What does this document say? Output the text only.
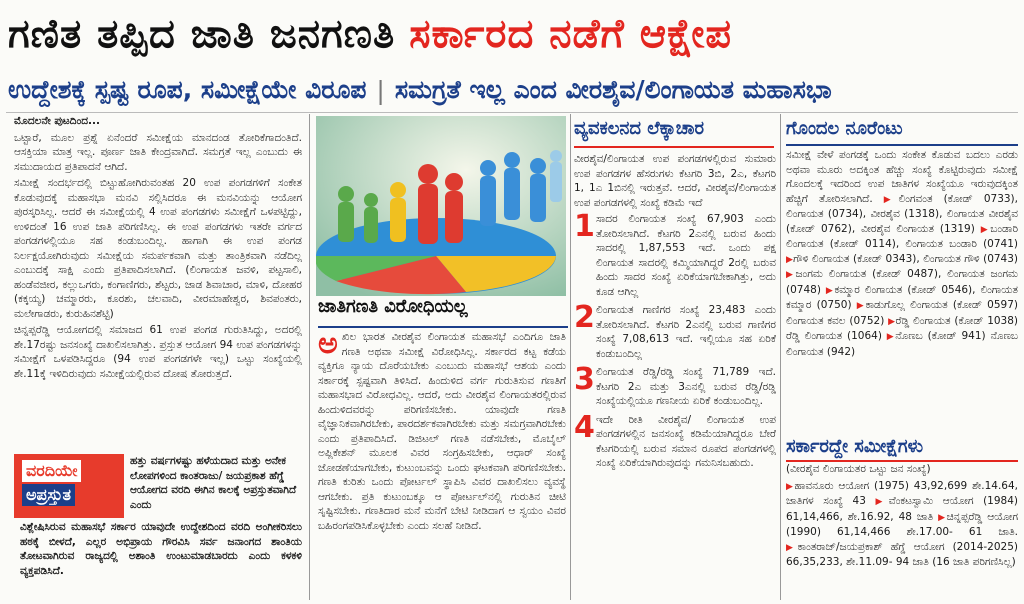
ಗಣಿತ ತಪ್ಪಿದ ಜಾತಿ ಜನಗಣತಿ ಸರ್ಕಾರದ ನಡೆಗೆ ಆಕ್ಷೇಪ
ಉದ್ದೇಶಕ್ಕೆ ಸ್ಪಷ್ಟ ರೂಪ, ಸಮೀಕ್ಷೆಯೇ ವಿರೂಪ | ಸಮಗ್ರತೆ ಇಲ್ಲ ಎಂದ ವೀರಶೈವ/ಲಿಂಗಾಯತ ಮಹಾಸಭಾ

ಮೊದಲನೇ ಪುಟದಿಂದ...

ಒಟ್ಟಾರೆ, ಮೂಲ ಪ್ರಶ್ನೆ ಏನೆಂದರೆ ಸಮೀಕ್ಷೆಯ ಮಾನದಂಡ ತೋರಿಕೆಗಾದಂತಿದೆ. ಆಸಕ್ತಿಯಾ ಮಾತ್ರ ಇಲ್ಲ. ಪೂರ್ಣ ಜಾತಿ ಕೇಂದ್ರವಾಗಿದೆ. ಸಮಗ್ರತೆ ಇಲ್ಲ ಎಂಬುದು ಈ ಸಮುದಾಯದ ಪ್ರತಿಪಾದನೆ ಆಗಿದೆ.

ಸಮೀಕ್ಷೆ ಸಂದರ್ಭದಲ್ಲಿ ಬಿಟ್ಟುಹೋಗಿರುವಂತಹ 20 ಉಪ ಪಂಗಡಗಳಿಗೆ ಸಂಕೇತ ಕೊಡುವುದಕ್ಕೆ ಮಹಾಸಭಾ ಮನವಿ ಸಲ್ಲಿಸಿದರೂ ಈ ಮನವಿಯನ್ನು ಆಯೋಗ ಪುರಸ್ಕರಿಸಿಲ್ಲ. ಆದರೆ ಈ ಸಮೀಕ್ಷೆಯಲ್ಲಿ 4 ಉಪ ಪಂಗಡಗಳು ಸಮೀಕ್ಷೆಗೆ ಒಳಪಟ್ಟಿದ್ದು, ಉಳಿದಂತೆ 16 ಉಪ ಜಾತಿ ಪರಿಗಣಿಸಿಲ್ಲ. ಈ ಉಪ ಪಂಗಡಗಳು ಇತರೇ ವರ್ಗದ ಪಂಗಡಗಳಲ್ಲಿಯೂ ಸಹ ಕಂಡುಬಂದಿಲ್ಲ. ಹಾಗಾಗಿ ಈ ಉಪ ಪಂಗಡ ನಿರ್ಲಕ್ಷಯೋಗಿರುವುದು ಸಮೀಕ್ಷೆಯ ಸಮರ್ಪಕವಾಗಿ ಮತ್ತು ತಾಂತ್ರಿಕವಾಗಿ ನಡೆದಿಲ್ಲ ಎಂಬುದಕ್ಕೆ ಸಾಕ್ಷಿ ಎಂದು ಪ್ರತಿಪಾದಿಸಲಾಗಿದೆ. (ಲಿಂಗಾಯತ ಜವಳಿ, ಪಟ್ಟಸಾಲಿ, ಹಂಡೆವಜೀರ, ಕಲ್ಲುಒಗರು, ಕಂಗಾಣಿಗರು, ಶೆಟ್ಟರು, ಜಾಡ ಶಿವಾಚಾರ, ಮಾಳಿ, ದೋಹರ (ಕಕ್ಕಯ್ಯ) ಚಮ್ಮಾರರು, ಕೂರಶು, ಚಲವಾದಿ, ವೀರಮಾಹೇಶ್ವರ, ಶಿವಪಂತರು, ಮಲೇಗಾಡರು, ಕುರುಹಿನಶೆಟ್ಟಿ)

ಚಿನ್ನಪ್ಪರೆಡ್ಡಿ ಆಯೋಗದಲ್ಲಿ ಸಮಾಜದ 61 ಉಪ ಪಂಗಡ ಗುರುತಿಸಿದ್ದು, ಅದರಲ್ಲಿ ಶೇ.17ರಷ್ಟು ಜನಸಂಖ್ಯೆ ದಾಖಲಿಸಲಾಗಿತ್ತು. ಪ್ರಸ್ತುತ ಆಯೋಗ 94 ಉಪ ಪಂಗಡಗಳನ್ನು ಸಮೀಕ್ಷೆಗೆ ಒಳಪಡಿಸಿದ್ದರೂ (94 ಉಪ ಪಂಗಡಗಳೇ ಇಲ್ಲ) ಒಟ್ಟು ಸಂಖ್ಯೆಯಲ್ಲಿ ಶೇ.11ಕ್ಕೆ ಇಳಿದಿರುವುದು ಸಮೀಕ್ಷೆಯಲ್ಲಿರುವ ದೋಷ ತೋರುತ್ತದೆ.

ವರದಿಯೇ
ಅಪ್ರಸ್ತುತ
ಹತ್ತು ವರ್ಷಗಳಷ್ಟು ಹಳೆಯದಾದ ಮತ್ತು ಅನೇಕ ಲೋಪಗಳಿಂದ ಕಾಂತರಾಜು/ ಜಯಪ್ರಕಾಶ ಹೆಗ್ಡೆ ಆಯೋಗದ ವರದಿ ಈಗಿನ ಕಾಲಕ್ಕೆ ಅಪ್ರಸ್ತುತವಾಗಿದೆ ಎಂದು
ವಿಶ್ಲೇಷಿಸಿರುವ ಮಹಾಸಭೆ ಸರ್ಕಾರ ಯಾವುದೇ ಉದ್ದೇಶದಿಂದ ವರದಿ ಅಂಗೀಕರಿಸಲು ಹಠಕ್ಕೆ ಬೀಳದೆ, ಎಲ್ಲರ ಅಭಿಪ್ರಾಯ ಗೌರವಿಸಿ ಸರ್ವ ಜನಾಂಗದ ಶಾಂತಿಯ ತೋಟವಾಗಿರುವ ರಾಜ್ಯದಲ್ಲಿ ಅಶಾಂತಿ ಉಂಟುಮಾಡಬಾರದು ಎಂದು ಕಳಕಳಿ ವ್ಯಕ್ತಪಡಿಸಿದೆ.
ಜಾತಿಗಣತಿ ವಿರೋಧಿಯಲ್ಲ
ಅ ಖಿಲ ಭಾರತ ವೀರಶೈವ ಲಿಂಗಾಯತ ಮಹಾಸಭೆ ಎಂದಿಗೂ ಜಾತಿ ಗಣತಿ ಅಥವಾ ಸಮೀಕ್ಷೆ ವಿರೋಧಿಸಿಲ್ಲ. ಸರ್ಕಾರದ ಕಟ್ಟ ಕಡೆಯ ವ್ಯಕ್ತಿಗೂ ನ್ಯಾಯ ದೊರೆಯಬೇಕು ಎಂಬುದು ಮಹಾಸಭೆ ಆಶಯ ಎಂದು ಸರ್ಕಾರಕ್ಕೆ ಸ್ಪಷ್ಟವಾಗಿ ತಿಳಿಸಿದೆ. ಹಿಂದುಳಿದ ವರ್ಗ ಗುರುತಿಸುವ ಗಣತಿಗೆ ಮಹಾಸಭಾದ ವಿರೋಧವಿಲ್ಲ. ಆದರೆ, ಅದು ವೀರಶೈವ ಲಿಂಗಾಯತರಲ್ಲಿರುವ ಹಿಂದುಳಿದವರನ್ನು ಪರಿಗಣಿಸಬೇಕು. ಯಾವುದೇ ಗಣತಿ ವೈಜ್ಞಾನಿಕವಾಗಿರಬೇಕು, ಪಾರದರ್ಶಕವಾಗಿರಬೇಕು ಮತ್ತು ಸಮಗ್ರವಾಗಿರಬೇಕು ಎಂದು ಪ್ರತಿಪಾದಿಸಿದೆ. ಡಿಜಿಟಲ್ ಗಣತಿ ನಡೆಸಬೇಕು, ಮೊಬೈಲ್ ಅಪ್ಲಿಕೇಶನ್ ಮೂಲಕ ವಿವರ ಸಂಗ್ರಹಿಸಬೇಕು, ಆಧಾರ್ ಸಂಖ್ಯೆ ಜೋಡಣೆಯಾಗಬೇಕು, ಕುಟುಂಬವನ್ನು ಒಂದು ಘಟಕವಾಗಿ ಪರಿಗಣಿಸಬೇಕು. ಗಣತಿ ಕುರಿತು ಒಂದು ಪೋರ್ಟಲ್ ಸ್ಥಾಪಿಸಿ ವಿವರ ದಾಖಲಿಸಲು ವ್ಯವಸ್ಥೆ ಆಗಬೇಕು. ಪ್ರತಿ ಕುಟುಂಬಕ್ಕೂ ಆ ಪೋರ್ಟಲ್‌ನಲ್ಲಿ ಗುರುತಿನ ಚೀಟಿ ಸೃಷ್ಟಿಸಬೇಕು. ಗಣತಿದಾರ ಮನೆ ಮನೆಗೆ ಬೇಟಿ ನೀಡಿದಾಗ ಆ ಸ್ವಯಂ ವಿವರ ಬಹಿರಂಗಪಡಿಸಿಕೊಳ್ಳಬೇಕು ಎಂದು ಸಲಹೆ ನೀಡಿದೆ.
ವ್ಯವಕಲನದ ಲೆಕ್ಕಾಚಾರ

ವೀರಶೈವ/ಲಿಂಗಾಯತ ಉಪ ಪಂಗಡಗಳಲ್ಲಿರುವ ಸುಮಾರು ಉಪ ಪಂಗಡಗಳ ಹೆಸರುಗಳು ಕೆಟಗರಿ 3ಬಿ, 2ಎ, ಕೆಟಗರಿ 1, 1ಎ 1ಬಿನಲ್ಲಿ ಇರುತ್ತವೆ. ಆದರೆ, ವೀರಶೈವ/ಲಿಂಗಾಯತ ಉಪ ಪಂಗಡಗಳಲ್ಲಿ ಸಂಖ್ಯೆ ಕಡಿಮೆ ಇದೆ

1 ಸಾದರ ಲಿಂಗಾಯತ ಸಂಖ್ಯೆ 67,903 ಎಂದು ತೋರಿಸಲಾಗಿದೆ. ಕೆಟಗರಿ 2ಎನಲ್ಲಿ ಬರುವ ಹಿಂದು ಸಾದರಲ್ಲಿ 1,87,553 ಇದೆ. ಒಂದು ಪಕ್ಷ ಲಿಂಗಾಯತ ಸಾದರಲ್ಲಿ ಕಮ್ಮಿಯಾಗಿದ್ದರೆ 2ರಲ್ಲಿ ಬರುವ ಹಿಂದು ಸಾದರ ಸಂಖ್ಯೆ ಏರಿಕೆಯಾಗಬೇಕಾಗಿತ್ತು, ಅದು ಕೂಡ ಆಗಿಲ್ಲ
2 ಲಿಂಗಾಯತ ಗಾಣಿಗರ ಸಂಖ್ಯೆ 23,483 ಎಂದು ತೋರಿಸಲಾಗಿದೆ. ಕೆಟಗರಿ 2ಎನಲ್ಲಿ ಬರುವ ಗಾಣಿಗರ ಸಂಖ್ಯೆ 7,08,613 ಇದೆ. ಇಲ್ಲಿಯೂ ಸಹ ಏರಿಕೆ ಕಂಡುಬಂದಿಲ್ಲ
3 ಲಿಂಗಾಯತ ರೆಡ್ಡಿ/ರಡ್ಡಿ ಸಂಖ್ಯೆ 71,789 ಇದೆ. ಕೆಟಗರಿ 2ಎ ಮತ್ತು 3ಎನಲ್ಲಿ ಬರುವ ರೆಡ್ಡಿ/ರಡ್ಡಿ ಸಂಖ್ಯೆಯಲ್ಲಿಯೂ ಗಣನೀಯ ಏರಿಕೆ ಕಂಡುಬಂದಿಲ್ಲ.
4 ಇದೇ ರೀತಿ ವೀರಶೈವ/ ಲಿಂಗಾಯತ ಉಪ ಪಂಗಡಗಳಲ್ಲಿನ ಜನಸಂಖ್ಯೆ ಕಡಿಮೆಯಾಗಿದ್ದರೂ ಬೇರೆ ಕೆಟಗರಿಯಲ್ಲಿ ಬರುವ ಸಮಾನ ರೂಪದ ಪಂಗಡಗಳಲ್ಲಿ ಸಂಖ್ಯೆ ಏರಿಕೆಯಾಗಿರುವುದನ್ನು ಗಮನಿಸಬಹುದು.
ಗೊಂದಲ ನೂರೆಂಟು
ಸಮೀಕ್ಷೆ ವೇಳೆ ಪಂಗಡಕ್ಕೆ ಒಂದು ಸಂಕೇತ ಕೊಡುವ ಬದಲು ಎರಡು ಅಥವಾ ಮೂರು ಅದಕ್ಕಿಂತ ಹೆಚ್ಚು ಸಂಖ್ಯೆ ಕೊಟ್ಟಿರುವುದು ಸಮೀಕ್ಷೆ ಗೊಂದಲಕ್ಕೆ ಇದರಿಂದ ಉಪ ಜಾತಿಗಳ ಸಂಖ್ಯೆಯೂ ಇರುವುದಕ್ಕಿಂತ ಹೆಚ್ಚಿಗೆ ತೋರಿಸಲಾಗಿದೆ. ▶ಲಿಂಗವಂತ (ಕೋಡ್ 0733), ಲಿಂಗಾಯತ (0734), ವೀರಶೈವ (1318), ಲಿಂಗಾಯತ ವೀರಶೈವ (ಕೋಡ್ 0762), ವೀರಶೈವ ಲಿಂಗಾಯತ (1319) ▶ಬಂಡಾರಿ ಲಿಂಗಾಯತ (ಕೋಡ್ 0114), ಲಿಂಗಾಯತ ಬಂಡಾರಿ (0741) ▶ಗೌಳಿ ಲಿಂಗಾಯತ (ಕೋಡ್ 0343), ಲಿಂಗಾಯತ ಗೌಳಿ (0743) ▶ಜಂಗಮ ಲಿಂಗಾಯತ (ಕೋಡ್ 0487), ಲಿಂಗಾಯತ ಜಂಗಮ (0748) ▶ಕಮ್ಮಾರ ಲಿಂಗಾಯತ (ಕೋಡ್ 0546), ಲಿಂಗಾಯತ ಕಮ್ಮಾರ (0750) ▶ಕಾಡುಗೊಲ್ಲ ಲಿಂಗಾಯತ (ಕೋಡ್ 0597) ಲಿಂಗಾಯತ ಕವಲ (0752) ▶ರೆಡ್ಡಿ ಲಿಂಗಾಯತ (ಕೋಡ್ 1038) ರೆಡ್ಡಿ ಲಿಂಗಾಯತ (1064) ▶ನೊಣಬ (ಕೋಡ್ 941) ನೊಣಬ ಲಿಂಗಾಯತ (942)
ಸರ್ಕಾರದ್ದೇ ಸಮೀಕ್ಷೆಗಳು

(ವೀರಶೈವ ಲಿಂಗಾಯತರ ಒಟ್ಟು ಜನ ಸಂಖ್ಯೆ)

▶ಹಾವನೂರು ಆಯೋಗ (1975) 43,92,699 ಶೇ.14.64, ಜಾತಿಗಳ ಸಂಖ್ಯೆ 43 ▶ವೆಂಕಟಸ್ವಾಮಿ ಆಯೋಗ (1984) 61,14,466, ಶೇ.16.92, 48 ಜಾತಿ ▶ಚಿನ್ನಪ್ಪರೆಡ್ಡಿ ಆಯೋಗ (1990) 61,14,466 ಶೇ.17.00- 61 ಜಾತಿ. ▶ಕಾಂತರಾಜ್/ಜಯಪ್ರಕಾಶ್ ಹೆಗ್ಡೆ ಆಯೋಗ (2014-2025) 66,35,233, ಶೇ.11.09- 94 ಜಾತಿ (16 ಜಾತಿ ಪರಿಗಣಿಸಿಲ್ಲ)
